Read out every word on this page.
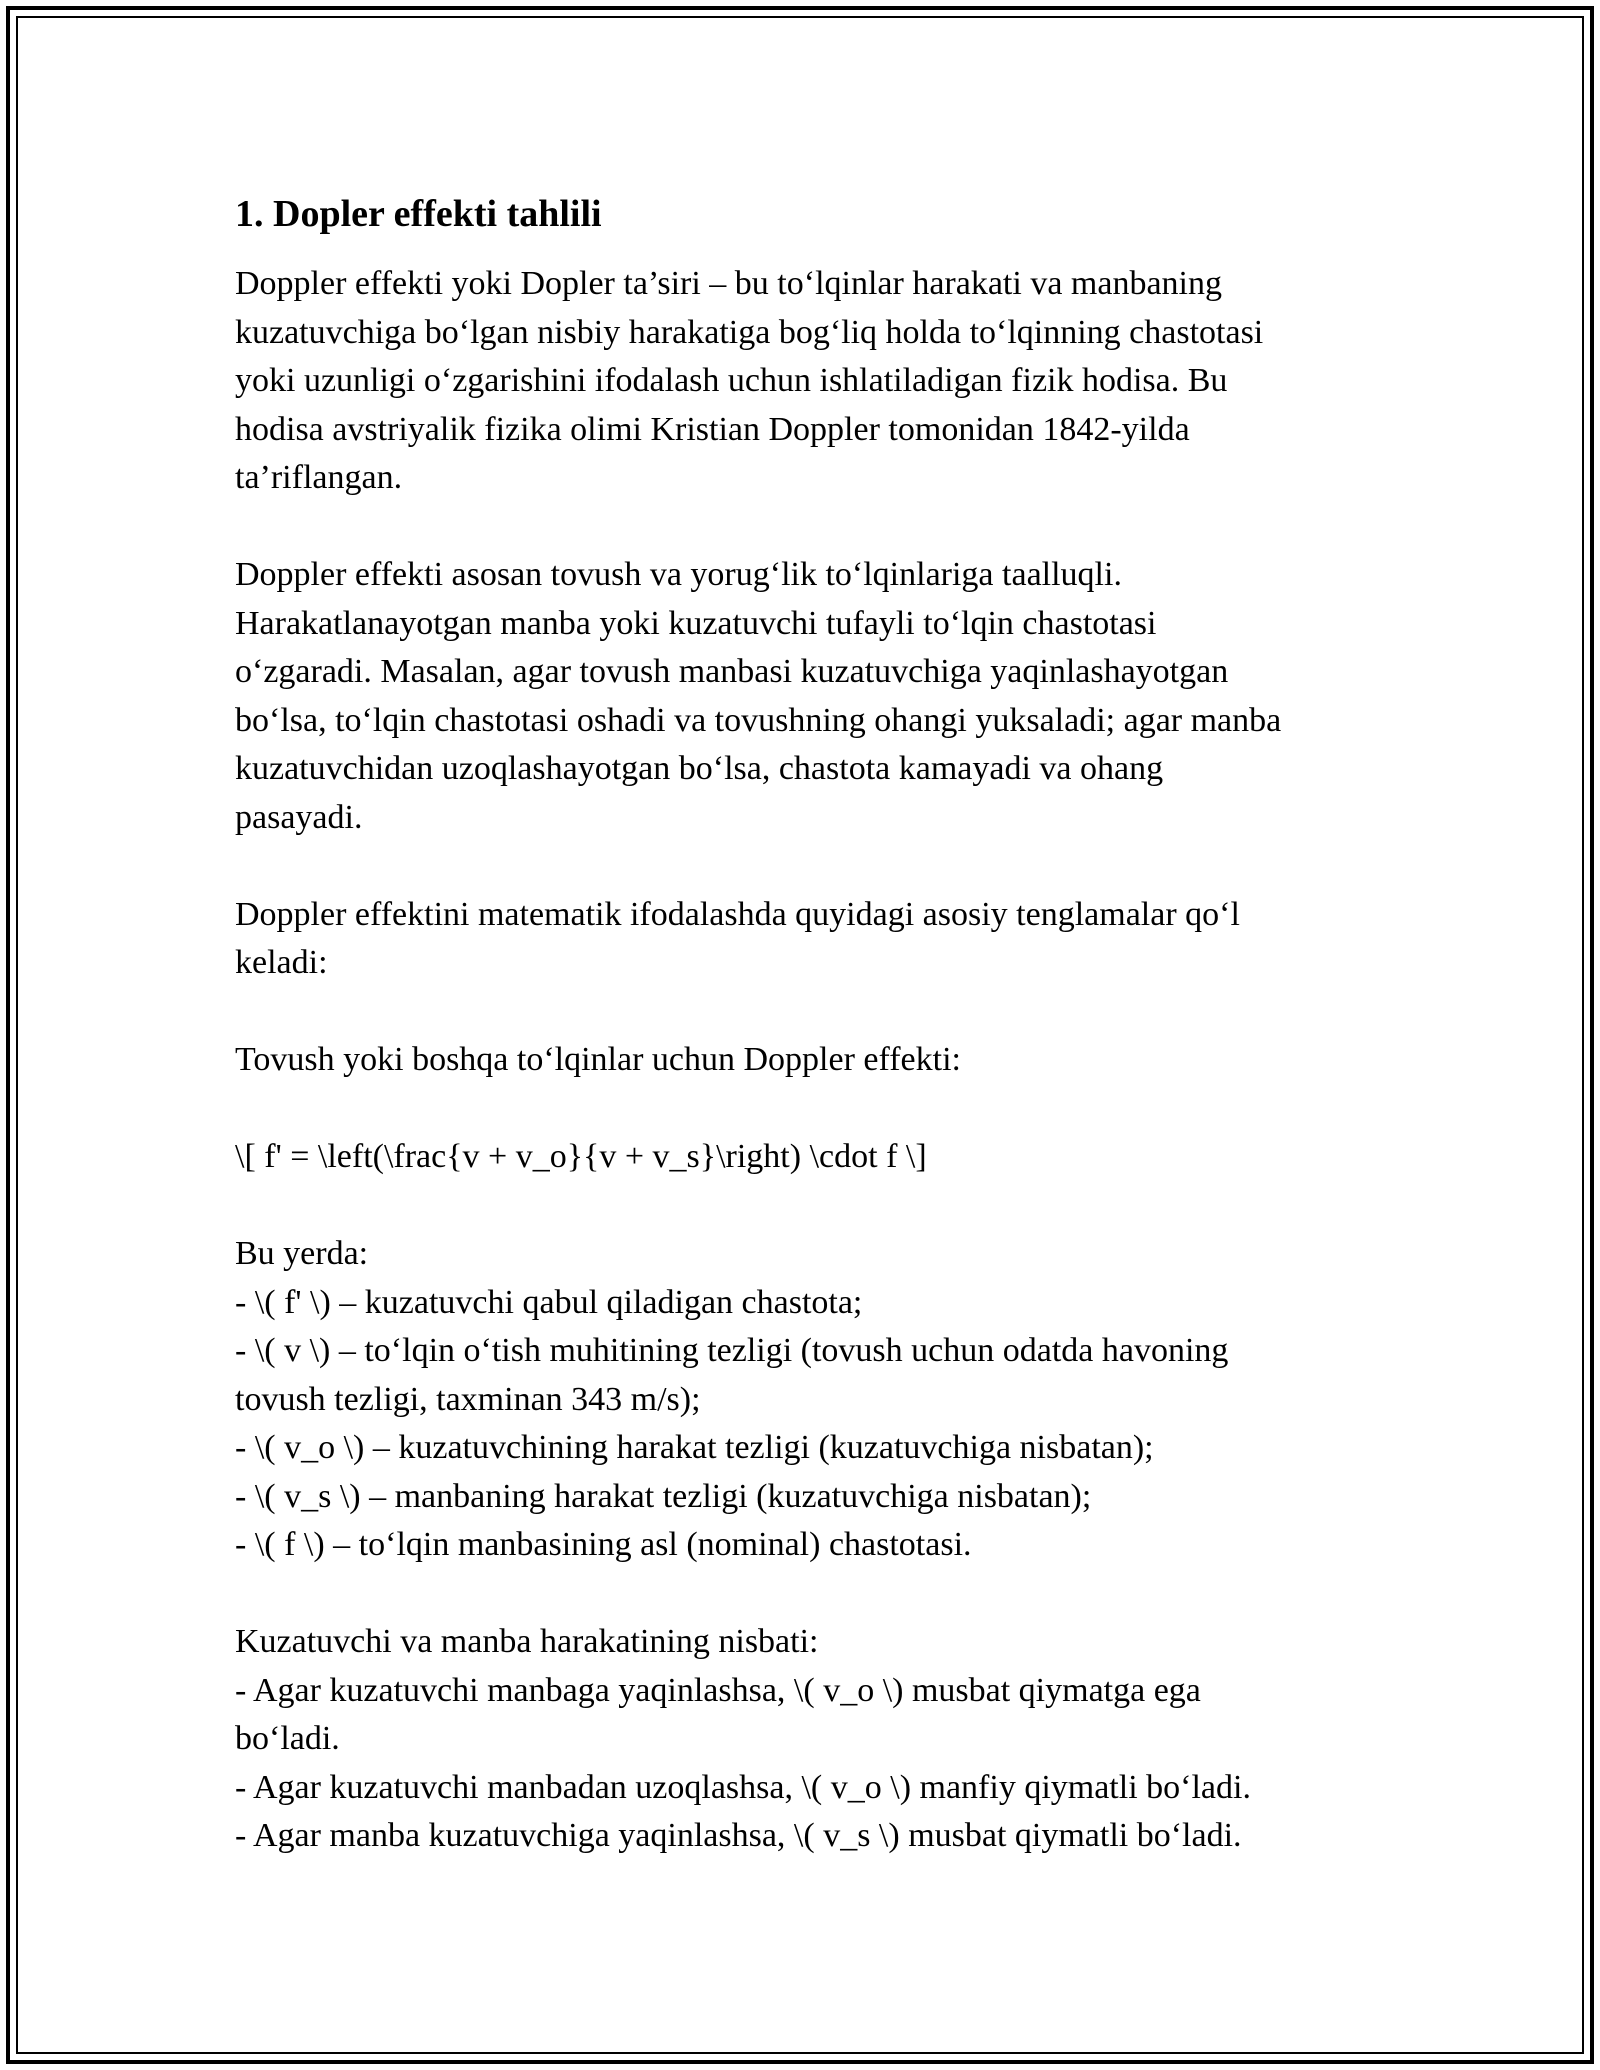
1. Dopler effekti tahlili

Doppler effekti yoki Dopler ta’siri – bu to‘lqinlar harakati va manbaning
kuzatuvchiga bo‘lgan nisbiy harakatiga bog‘liq holda to‘lqinning chastotasi
yoki uzunligi o‘zgarishini ifodalash uchun ishlatiladigan fizik hodisa. Bu
hodisa avstriyalik fizika olimi Kristian Doppler tomonidan 1842-yilda
ta’riflangan.

Doppler effekti asosan tovush va yorug‘lik to‘lqinlariga taalluqli.
Harakatlanayotgan manba yoki kuzatuvchi tufayli to‘lqin chastotasi
o‘zgaradi. Masalan, agar tovush manbasi kuzatuvchiga yaqinlashayotgan
bo‘lsa, to‘lqin chastotasi oshadi va tovushning ohangi yuksaladi; agar manba
kuzatuvchidan uzoqlashayotgan bo‘lsa, chastota kamayadi va ohang
pasayadi.

Doppler effektini matematik ifodalashda quyidagi asosiy tenglamalar qo‘l
keladi:

Tovush yoki boshqa to‘lqinlar uchun Doppler effekti:

\[ f' = \left(\frac{v + v_o}{v + v_s}\right) \cdot f \]

Bu yerda:
- \( f' \) – kuzatuvchi qabul qiladigan chastota;
- \( v \) – to‘lqin o‘tish muhitining tezligi (tovush uchun odatda havoning
tovush tezligi, taxminan 343 m/s);
- \( v_o \) – kuzatuvchining harakat tezligi (kuzatuvchiga nisbatan);
- \( v_s \) – manbaning harakat tezligi (kuzatuvchiga nisbatan);
- \( f \) – to‘lqin manbasining asl (nominal) chastotasi.

Kuzatuvchi va manba harakatining nisbati:
- Agar kuzatuvchi manbaga yaqinlashsa, \( v_o \) musbat qiymatga ega
bo‘ladi.
- Agar kuzatuvchi manbadan uzoqlashsa, \( v_o \) manfiy qiymatli bo‘ladi.
- Agar manba kuzatuvchiga yaqinlashsa, \( v_s \) musbat qiymatli bo‘ladi.
